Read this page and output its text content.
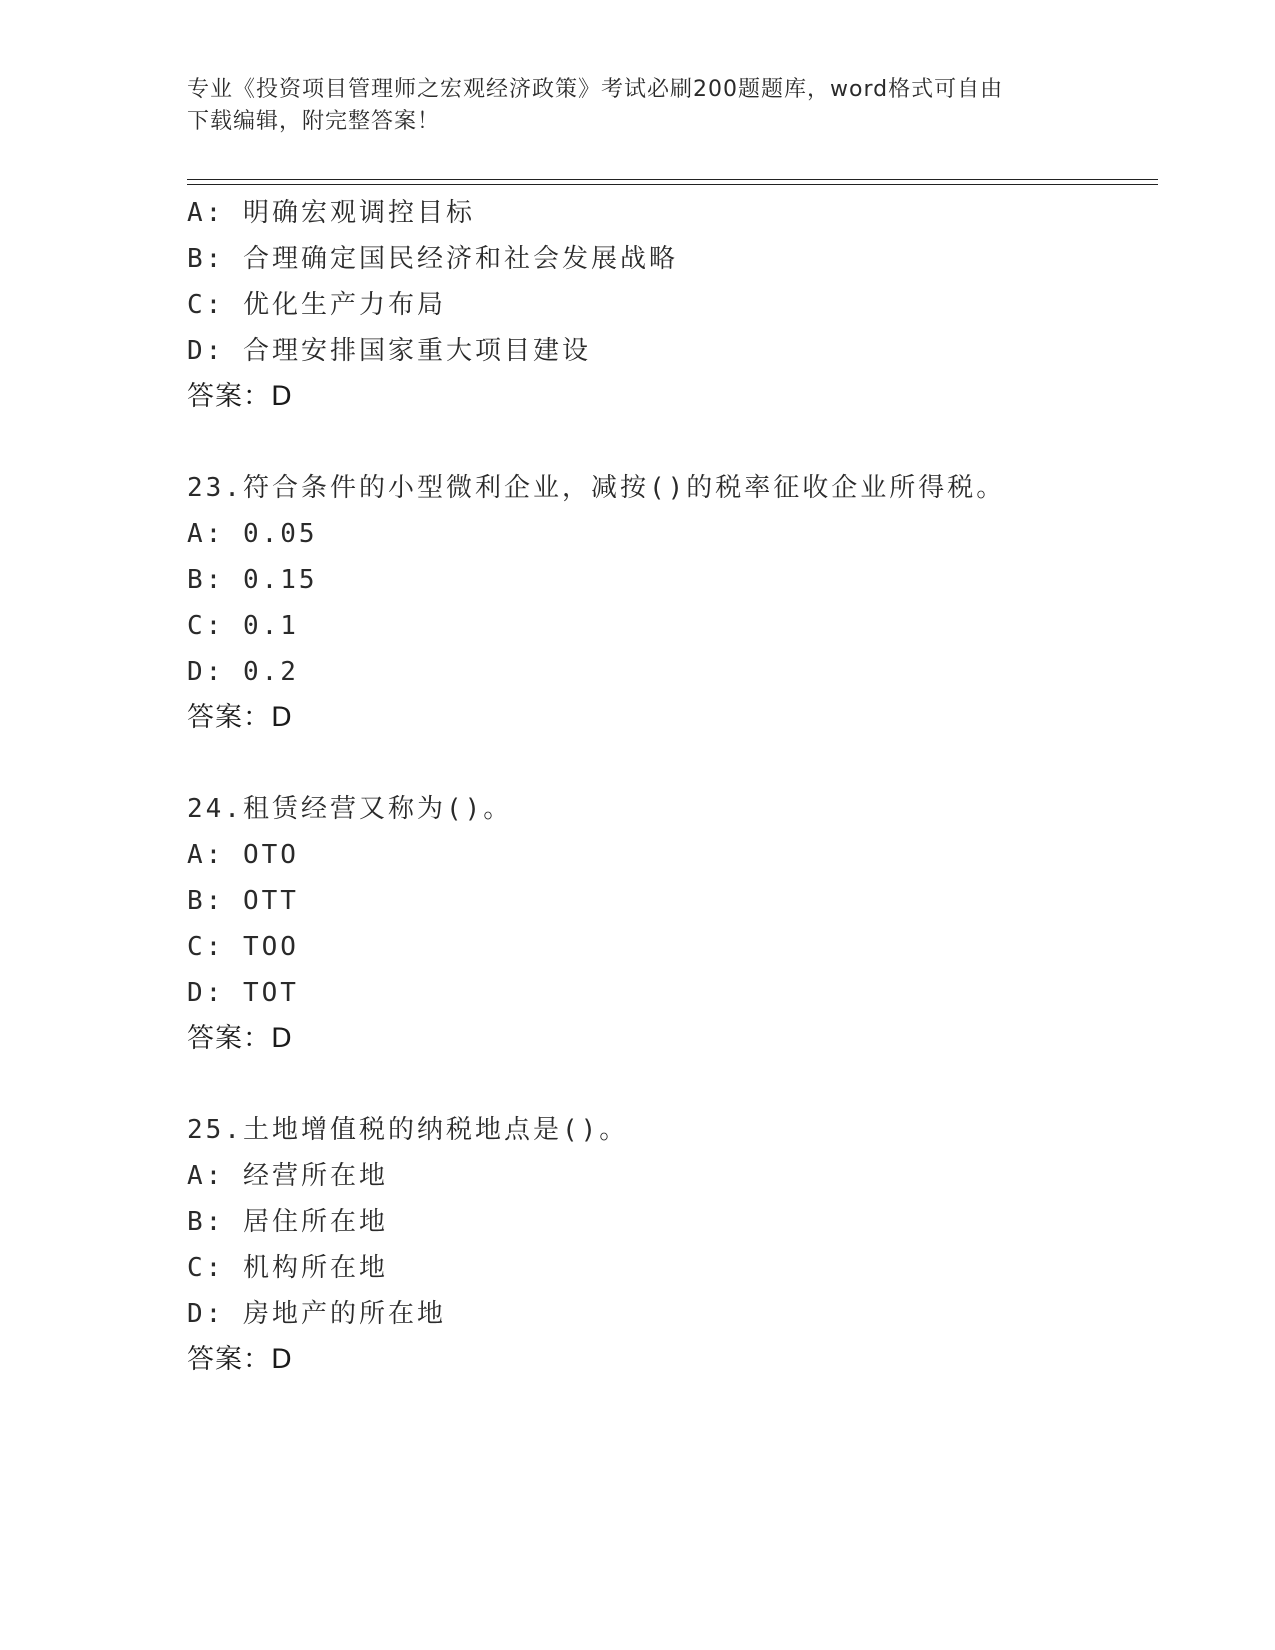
专业《投资项目管理师之宏观经济政策》考试必刷200题题库，word格式可自由
下载编辑，附完整答案！
A: 明确宏观调控目标
B: 合理确定国民经济和社会发展战略
C: 优化生产力布局
D: 合理安排国家重大项目建设
答案：D
23.符合条件的小型微利企业，减按()的税率征收企业所得税。
A: 0.05
B: 0.15
C: 0.1
D: 0.2
答案：D
24.租赁经营又称为()。
A: OTO
B: OTT
C: TOO
D: TOT
答案：D
25.土地增值税的纳税地点是()。
A: 经营所在地
B: 居住所在地
C: 机构所在地
D: 房地产的所在地
答案：D
